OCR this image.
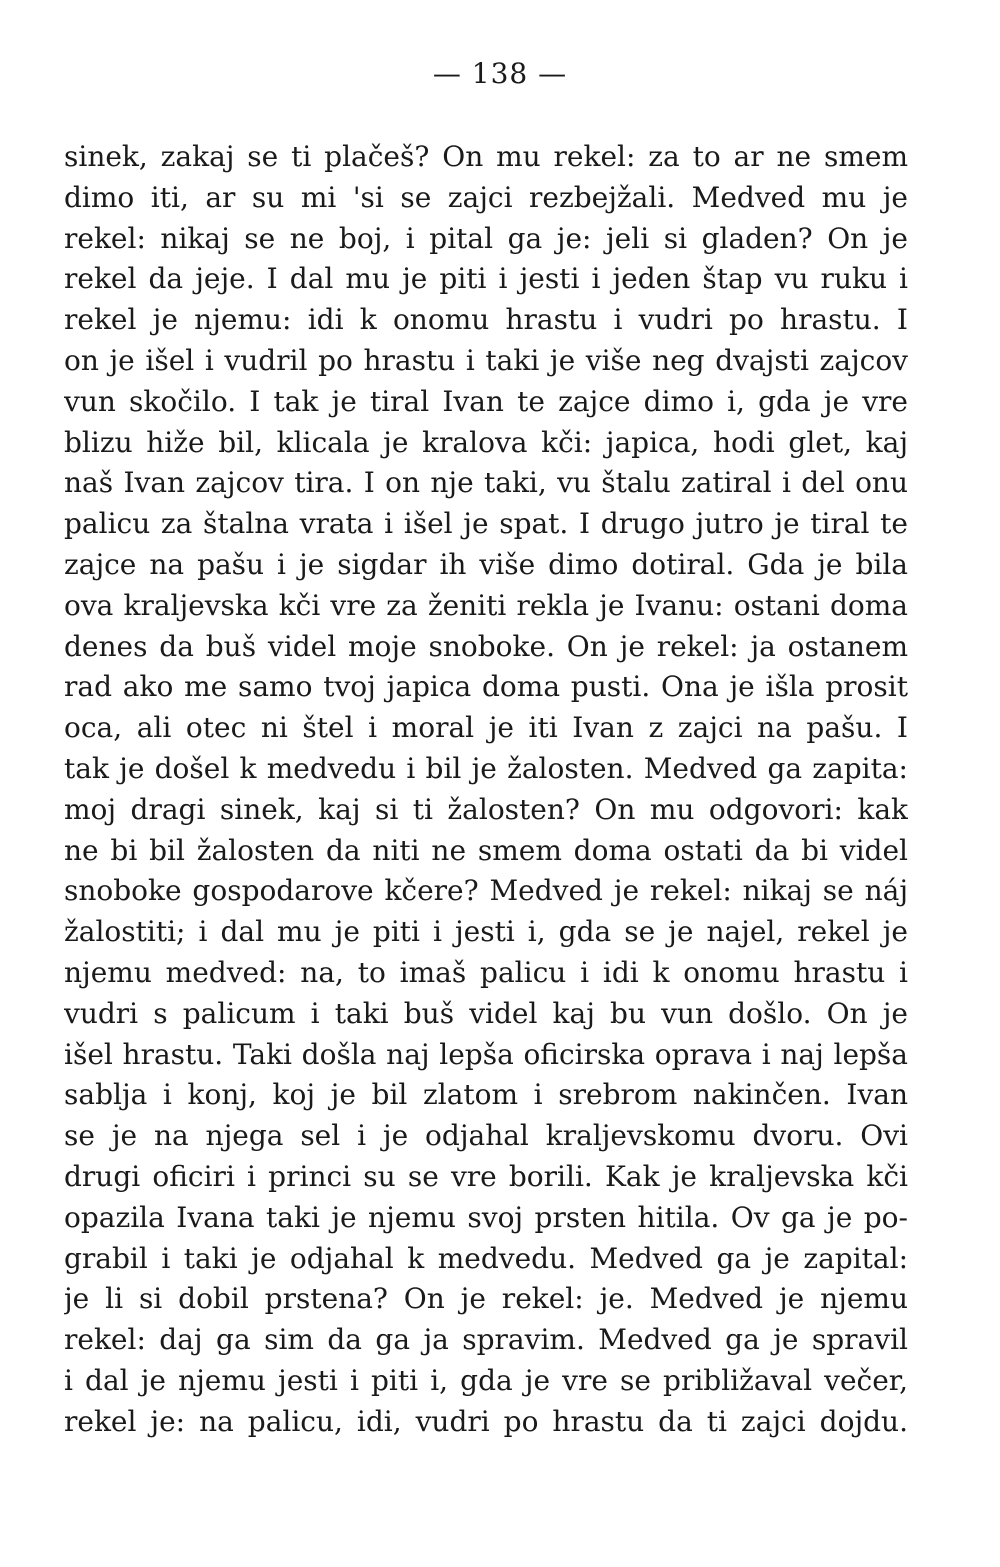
— 138 —
sinek, zakaj se ti plačeš? On mu rekel: za to ar ne smem
dimo iti, ar su mi 'si se zajci rezbejžali. Medved mu je
rekel: nikaj se ne boj, i pital ga je: jeli si gladen? On je
rekel da jeje. I dal mu je piti i jesti i jeden štap vu ruku i
rekel je njemu: idi k onomu hrastu i vudri po hrastu. I
on je išel i vudril po hrastu i taki je više neg dvajsti zajcov
vun skočilo. I tak je tiral Ivan te zajce dimo i, gda je vre
blizu hiže bil, klicala je kralova kči: japica, hodi glet, kaj
naš Ivan zajcov tira. I on nje taki, vu štalu zatiral i del onu
palicu za štalna vrata i išel je spat. I drugo jutro je tiral te
zajce na pašu i je sigdar ih više dimo dotiral. Gda je bila
ova kraljevska kči vre za ženiti rekla je Ivanu: ostani doma
denes da buš videl moje snoboke. On je rekel: ja ostanem
rad ako me samo tvoj japica doma pusti. Ona je išla prosit
oca, ali otec ni štel i moral je iti Ivan z zajci na pašu. I
tak je došel k medvedu i bil je žalosten. Medved ga zapita:
moj dragi sinek, kaj si ti žalosten? On mu odgovori: kak
ne bi bil žalosten da niti ne smem doma ostati da bi videl
snoboke gospodarove kčere? Medved je rekel: nikaj se náj
žalostiti; i dal mu je piti i jesti i, gda se je najel, rekel je
njemu medved: na, to imaš palicu i idi k onomu hrastu i
vudri s palicum i taki buš videl kaj bu vun došlo. On je
išel hrastu. Taki došla naj lepša oficirska oprava i naj lepša
sablja i konj, koj je bil zlatom i srebrom nakinčen. Ivan
se je na njega sel i je odjahal kraljevskomu dvoru. Ovi
drugi oficiri i princi su se vre borili. Kak je kraljevska kči
opazila Ivana taki je njemu svoj prsten hitila. Ov ga je po-
grabil i taki je odjahal k medvedu. Medved ga je zapital:
je li si dobil prstena? On je rekel: je. Medved je njemu
rekel: daj ga sim da ga ja spravim. Medved ga je spravil
i dal je njemu jesti i piti i, gda je vre se približaval večer,
rekel je: na palicu, idi, vudri po hrastu da ti zajci dojdu.
